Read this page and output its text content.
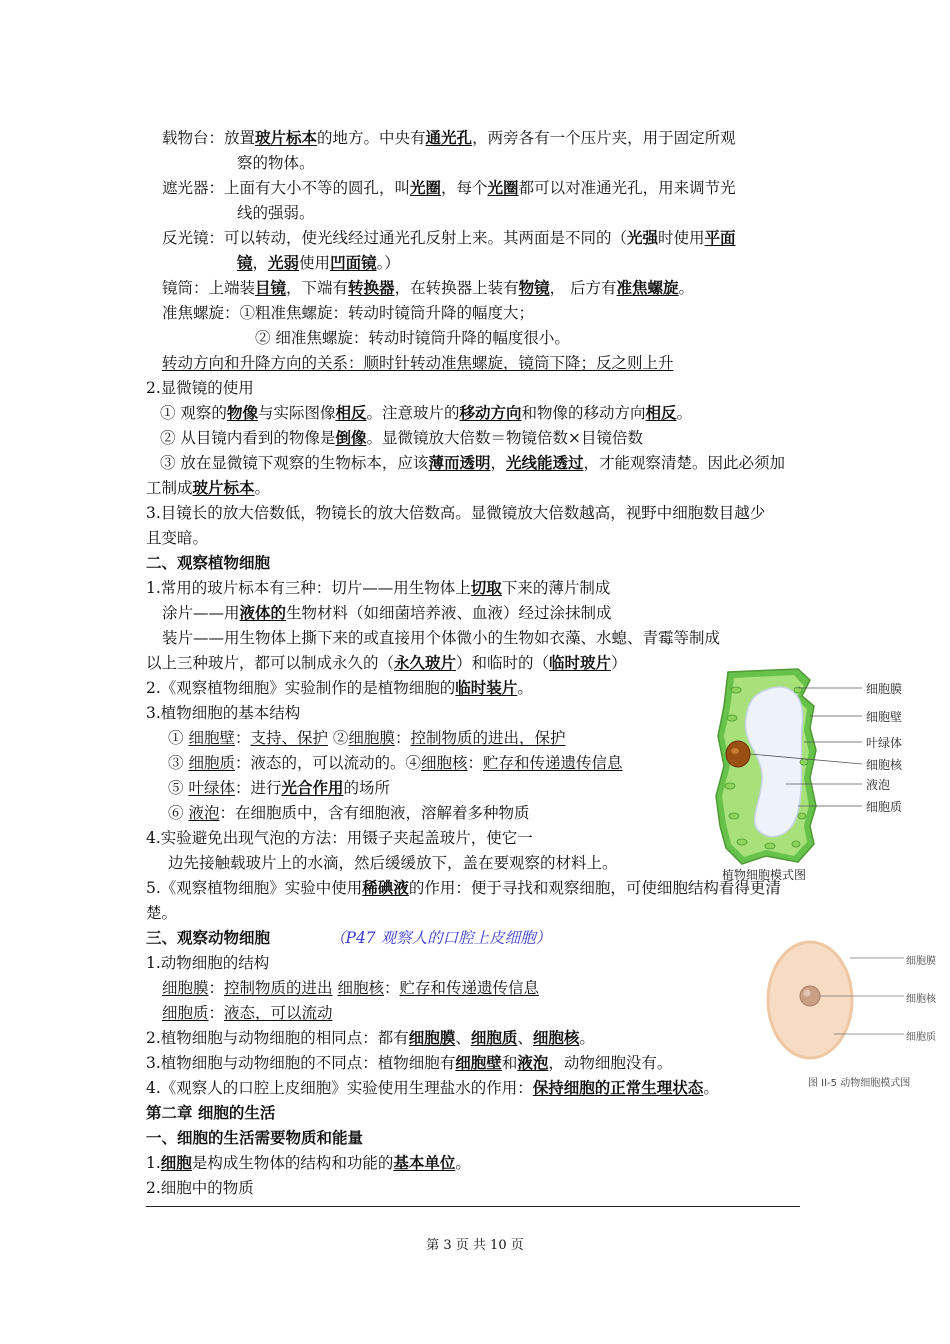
载物台：放置玻片标本的地方。中央有通光孔，两旁各有一个压片夹，用于固定所观
察的物体。
遮光器：上面有大小不等的圆孔，叫光圈，每个光圈都可以对准通光孔，用来调节光
线的强弱。
反光镜：可以转动，使光线经过通光孔反射上来。其两面是不同的（光强时使用平面
镜，光弱使用凹面镜。）
镜筒：上端装目镜，下端有转换器，在转换器上装有物镜， 后方有准焦螺旋。
准焦螺旋：①粗准焦螺旋：转动时镜筒升降的幅度大；
② 细准焦螺旋：转动时镜筒升降的幅度很小。
转动方向和升降方向的关系：顺时针转动准焦螺旋，镜筒下降；反之则上升
2.显微镜的使用
① 观察的物像与实际图像相反。注意玻片的移动方向和物像的移动方向相反。
② 从目镜内看到的物像是倒像。显微镜放大倍数＝物镜倍数×目镜倍数
③ 放在显微镜下观察的生物标本，应该薄而透明，光线能透过，才能观察清楚。因此必须加
工制成玻片标本。
3.目镜长的放大倍数低，物镜长的放大倍数高。显微镜放大倍数越高，视野中细胞数目越少
且变暗。
二、观察植物细胞
1.常用的玻片标本有三种：切片——用生物体上切取下来的薄片制成
涂片——用液体的生物材料（如细菌培养液、血液）经过涂抹制成
装片——用生物体上撕下来的或直接用个体微小的生物如衣藻、水螅、青霉等制成
以上三种玻片，都可以制成永久的（永久玻片）和临时的（临时玻片）
2.《观察植物细胞》实验制作的是植物细胞的临时装片。
3.植物细胞的基本结构
① 细胞壁：支持、保护 ②细胞膜：控制物质的进出，保护
③ 细胞质：液态的，可以流动的。④细胞核：贮存和传递遗传信息
⑤ 叶绿体：进行光合作用的场所
⑥ 液泡：在细胞质中，含有细胞液，溶解着多种物质
4.实验避免出现气泡的方法：用镊子夹起盖玻片，使它一
边先接触载玻片上的水滴，然后缓缓放下，盖在要观察的材料上。
5.《观察植物细胞》实验中使用稀碘液的作用：便于寻找和观察细胞，可使细胞结构看得更清
楚。
三、观察动物细胞	（P47 观察人的口腔上皮细胞）
1.动物细胞的结构
细胞膜：控制物质的进出 细胞核：贮存和传递遗传信息
细胞质：液态，可以流动
2.植物细胞与动物细胞的相同点：都有细胞膜、细胞质、细胞核。
3.植物细胞与动物细胞的不同点：植物细胞有细胞壁和液泡，动物细胞没有。
4.《观察人的口腔上皮细胞》实验使用生理盐水的作用：保持细胞的正常生理状态。
第二章 细胞的生活
一、细胞的生活需要物质和能量
1.细胞是构成生物体的结构和功能的基本单位。
2.细胞中的物质
细胞膜
细胞壁
叶绿体
细胞核
液泡
细胞质
植物细胞模式图
细胞膜
细胞核
细胞质
图 II-5 动物细胞模式图
第 3 页 共 10 页
